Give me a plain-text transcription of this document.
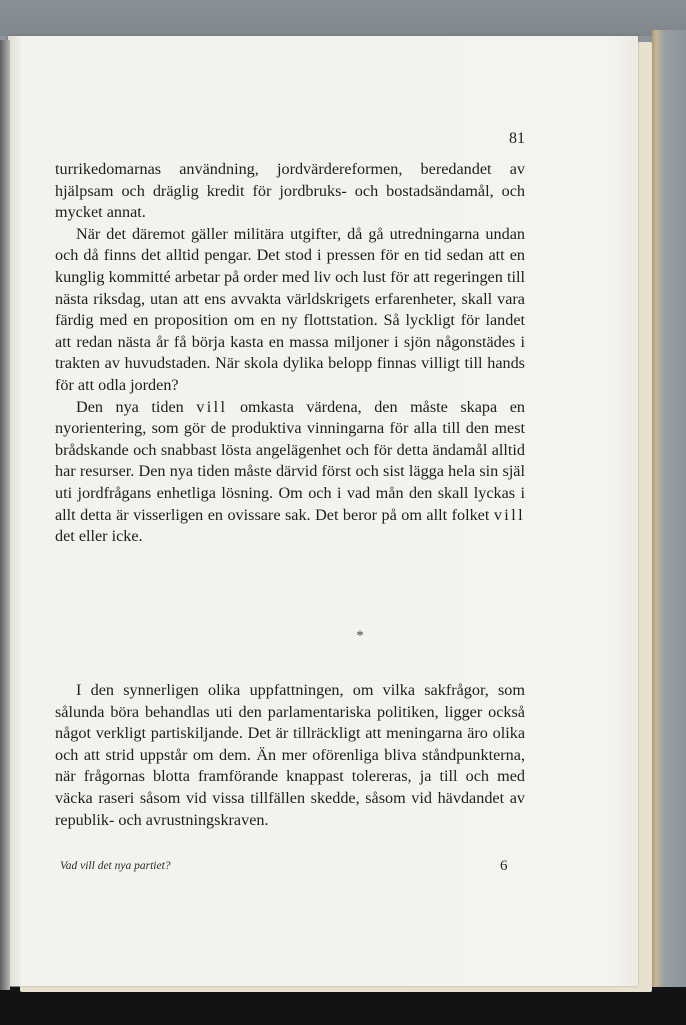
81

turrikedomarnas användning, jordvärdereformen, beredandet av hjälpsam och dräglig kredit för jordbruks- och bostadsändamål, och mycket annat.

När det däremot gäller militära utgifter, då gå utredningarna undan och då finns det alltid pengar. Det stod i pressen för en tid sedan att en kunglig kommitté arbetar på order med liv och lust för att regeringen till nästa riksdag, utan att ens avvakta världskrigets erfarenheter, skall vara färdig med en proposition om en ny flottstation. Så lyckligt för landet att redan nästa år få börja kasta en massa miljoner i sjön någonstädes i trakten av huvudstaden. När skola dylika belopp finnas villigt till hands för att odla jorden?

Den nya tiden vill omkasta värdena, den måste skapa en nyorientering, som gör de produktiva vinningarna för alla till den mest brådskande och snabbast lösta angelägenhet och för detta ändamål alltid har resurser. Den nya tiden måste därvid först och sist lägga hela sin själ uti jordfrågans enhetliga lösning. Om och i vad mån den skall lyckas i allt detta är visserligen en ovissare sak. Det beror på om allt folket vill det eller icke.

*

I den synnerligen olika uppfattningen, om vilka sakfrågor, som sålunda böra behandlas uti den parlamentariska politiken, ligger också något verkligt partiskiljande. Det är tillräckligt att meningarna äro olika och att strid uppstår om dem. Än mer oförenliga bliva ståndpunkterna, när frågornas blotta framförande knappast tolereras, ja till och med väcka raseri såsom vid vissa tillfällen skedde, såsom vid hävdandet av republik- och avrustningskraven.

Vad vill det nya partiet?	6
